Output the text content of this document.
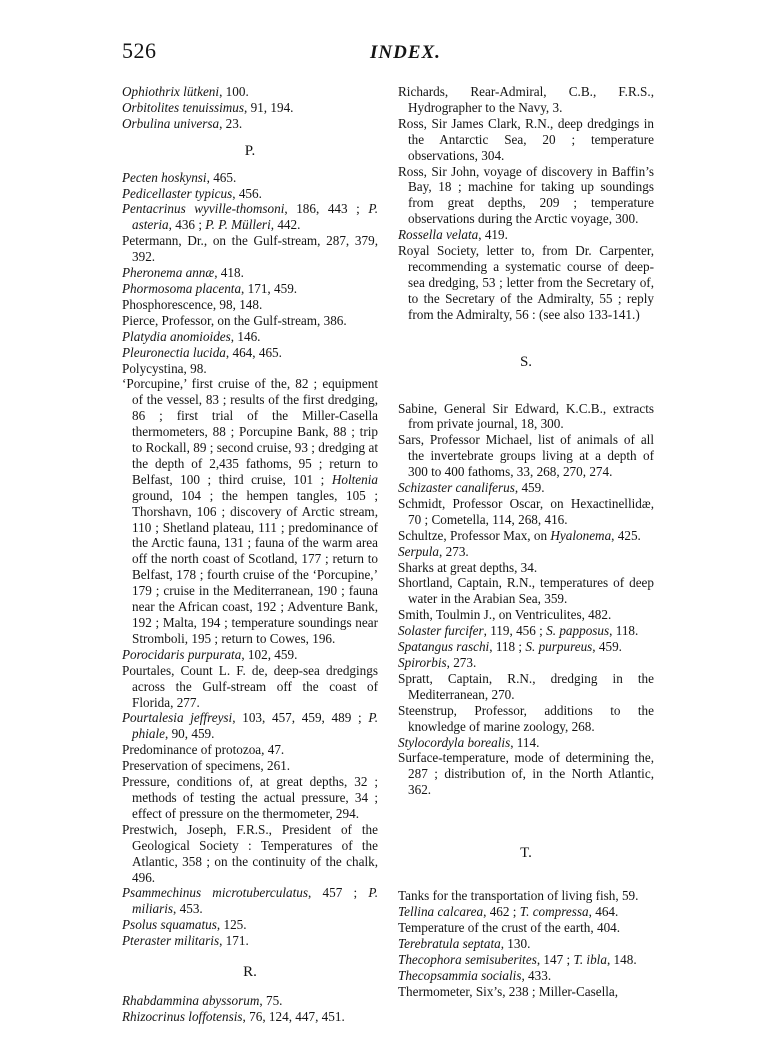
526	INDEX.

Ophiothrix lütkeni, 100.

Orbitolites tenuissimus, 91, 194.

Orbulina universa, 23.

P.

Pecten hoskynsi, 465.

Pedicellaster typicus, 456.

Pentacrinus wyville-thomsoni, 186, 443 ; P. asteria, 436 ; P. P. Mülleri, 442.

Petermann, Dr., on the Gulf-stream, 287, 379, 392.

Pheronema annæ, 418.

Phormosoma placenta, 171, 459.

Phosphorescence, 98, 148.

Pierce, Professor, on the Gulf-stream, 386.

Platydia anomioides, 146.

Pleuronectia lucida, 464, 465.

Polycystina, 98.

‘Porcupine,’ first cruise of the, 82 ; equipment of the vessel, 83 ; results of the first dredging, 86 ; first trial of the Miller-Casella thermometers, 88 ; Porcupine Bank, 88 ; trip to Rockall, 89 ; second cruise, 93 ; dredging at the depth of 2,435 fathoms, 95 ; return to Belfast, 100 ; third cruise, 101 ; Holtenia ground, 104 ; the hempen tangles, 105 ; Thorshavn, 106 ; discovery of Arctic stream, 110 ; Shetland plateau, 111 ; predominance of the Arctic fauna, 131 ; fauna of the warm area off the north coast of Scotland, 177 ; return to Belfast, 178 ; fourth cruise of the ‘Porcupine,’ 179 ; cruise in the Mediterranean, 190 ; fauna near the African coast, 192 ; Adventure Bank, 192 ; Malta, 194 ; temperature soundings near Stromboli, 195 ; return to Cowes, 196.

Porocidaris purpurata, 102, 459.

Pourtales, Count L. F. de, deep-sea dredgings across the Gulf-stream off the coast of Florida, 277.

Pourtalesia jeffreysi, 103, 457, 459, 489 ; P. phiale, 90, 459.

Predominance of protozoa, 47.

Preservation of specimens, 261.

Pressure, conditions of, at great depths, 32 ; methods of testing the actual pressure, 34 ; effect of pressure on the thermometer, 294.

Prestwich, Joseph, F.R.S., President of the Geological Society : Temperatures of the Atlantic, 358 ; on the continuity of the chalk, 496.

Psammechinus microtuberculatus, 457 ; P. miliaris, 453.

Psolus squamatus, 125.

Pteraster militaris, 171.

R.

Rhabdammina abyssorum, 75.

Rhizocrinus loffotensis, 76, 124, 447, 451.

Richards, Rear-Admiral, C.B., F.R.S., Hydrographer to the Navy, 3.

Ross, Sir James Clark, R.N., deep dredgings in the Antarctic Sea, 20 ; temperature observations, 304.

Ross, Sir John, voyage of discovery in Baffin’s Bay, 18 ; machine for taking up soundings from great depths, 209 ; temperature observations during the Arctic voyage, 300.

Rossella velata, 419.

Royal Society, letter to, from Dr. Carpenter, recommending a systematic course of deep-sea dredging, 53 ; letter from the Secretary of, to the Secretary of the Admiralty, 55 ; reply from the Admiralty, 56 : (see also 133-141.)

S.

Sabine, General Sir Edward, K.C.B., extracts from private journal, 18, 300.

Sars, Professor Michael, list of animals of all the invertebrate groups living at a depth of 300 to 400 fathoms, 33, 268, 270, 274.

Schizaster canaliferus, 459.

Schmidt, Professor Oscar, on Hexactinellidæ, 70 ; Cometella, 114, 268, 416.

Schultze, Professor Max, on Hyalonema, 425.

Serpula, 273.

Sharks at great depths, 34.

Shortland, Captain, R.N., temperatures of deep water in the Arabian Sea, 359.

Smith, Toulmin J., on Ventriculites, 482.

Solaster furcifer, 119, 456 ; S. papposus, 118.

Spatangus raschi, 118 ; S. purpureus, 459.

Spirorbis, 273.

Spratt, Captain, R.N., dredging in the Mediterranean, 270.

Steenstrup, Professor, additions to the knowledge of marine zoology, 268.

Stylocordyla borealis, 114.

Surface-temperature, mode of determining the, 287 ; distribution of, in the North Atlantic, 362.

T.

Tanks for the transportation of living fish, 59.

Tellina calcarea, 462 ; T. compressa, 464.

Temperature of the crust of the earth, 404.

Terebratula septata, 130.

Thecophora semisuberites, 147 ; T. ibla, 148.

Thecopsammia socialis, 433.

Thermometer, Six’s, 238 ; Miller-Casella,
